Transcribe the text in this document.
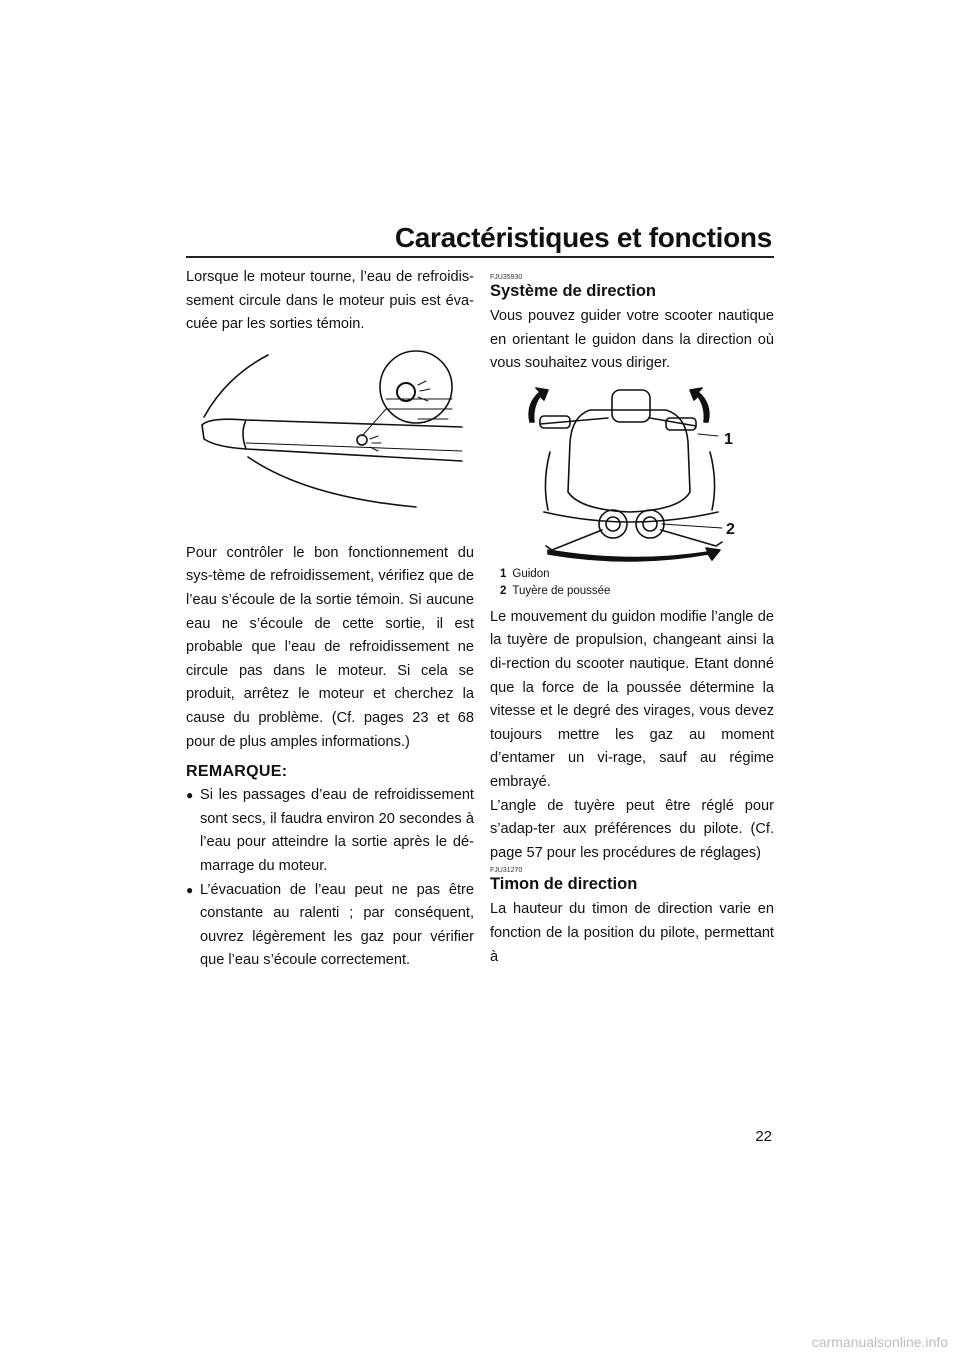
Caractéristiques et fonctions

Lorsque le moteur tourne, l’eau de refroidis-sement circule dans le moteur puis est éva-cuée par les sorties témoin.

Pour contrôler le bon fonctionnement du sys-tème de refroidissement, vérifiez que de l’eau s’écoule de la sortie témoin. Si aucune eau ne s’écoule de cette sortie, il est probable que l’eau de refroidissement ne circule pas dans le moteur. Si cela se produit, arrêtez le moteur et cherchez la cause du problème. (Cf. pages 23 et 68 pour de plus amples informations.)

REMARQUE:
● Si les passages d’eau de refroidissement sont secs, il faudra environ 20 secondes à l’eau pour atteindre la sortie après le dé-marrage du moteur.
● L’évacuation de l’eau peut ne pas être constante au ralenti ; par conséquent, ouvrez légèrement les gaz pour vérifier que l’eau s’écoule correctement.
FJU35930
Système de direction

Vous pouvez guider votre scooter nautique en orientant le guidon dans la direction où vous souhaitez vous diriger.

1
2
1 Guidon
2 Tuyère de poussée

Le mouvement du guidon modifie l’angle de la tuyère de propulsion, changeant ainsi la di-rection du scooter nautique. Etant donné que la force de la poussée détermine la vitesse et le degré des virages, vous devez toujours mettre les gaz au moment d’entamer un vi-rage, sauf au régime embrayé.

L’angle de tuyère peut être réglé pour s’adap-ter aux préférences du pilote. (Cf. page 57 pour les procédures de réglages)

FJU31270
Timon de direction

La hauteur du timon de direction varie en fonction de la position du pilote, permettant à

22
carmanualsonline.info
